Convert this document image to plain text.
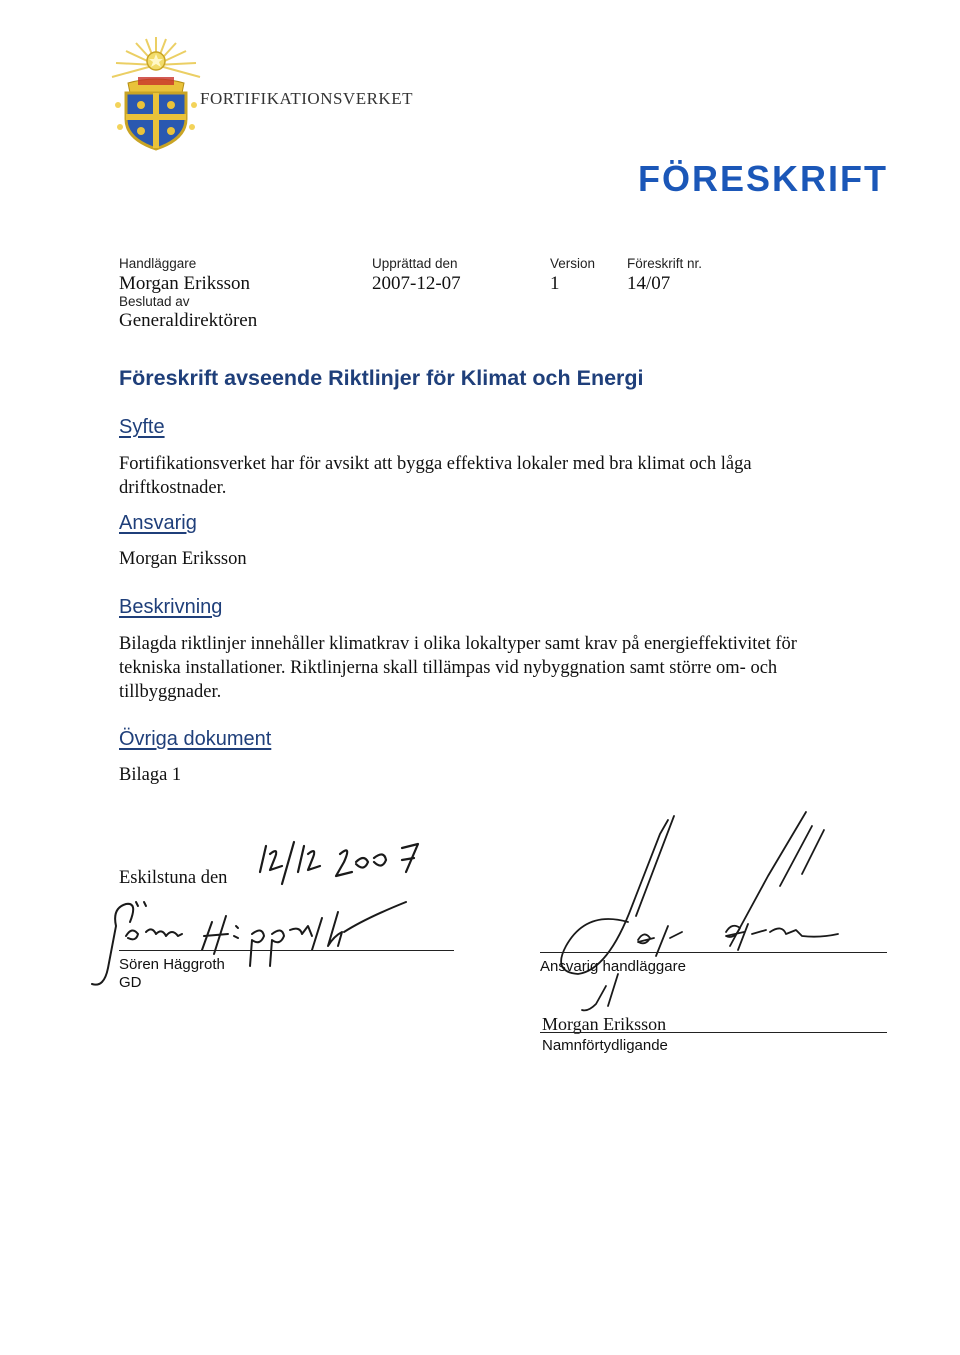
FORTIFIKATIONSVERKET
FÖRESKRIFT
Handläggare
Morgan Eriksson
Upprättad den
2007-12-07
Version
1
Föreskrift nr.
14/07
Beslutad av
Generaldirektören
Föreskrift avseende Riktlinjer för Klimat och Energi
Syfte
Fortifikationsverket har för avsikt att bygga effektiva lokaler med bra klimat och låga
driftkostnader.
Ansvarig
Morgan Eriksson
Beskrivning
Bilagda riktlinjer innehåller klimatkrav i olika lokaltyper samt krav på energieffektivitet för
tekniska installationer. Riktlinjerna skall tillämpas vid nybyggnation samt större om- och
tillbyggnader.
Övriga dokument
Bilaga 1
Eskilstuna den
Sören Häggroth
GD
Ansvarig handläggare
Morgan Eriksson
Namnförtydligande
